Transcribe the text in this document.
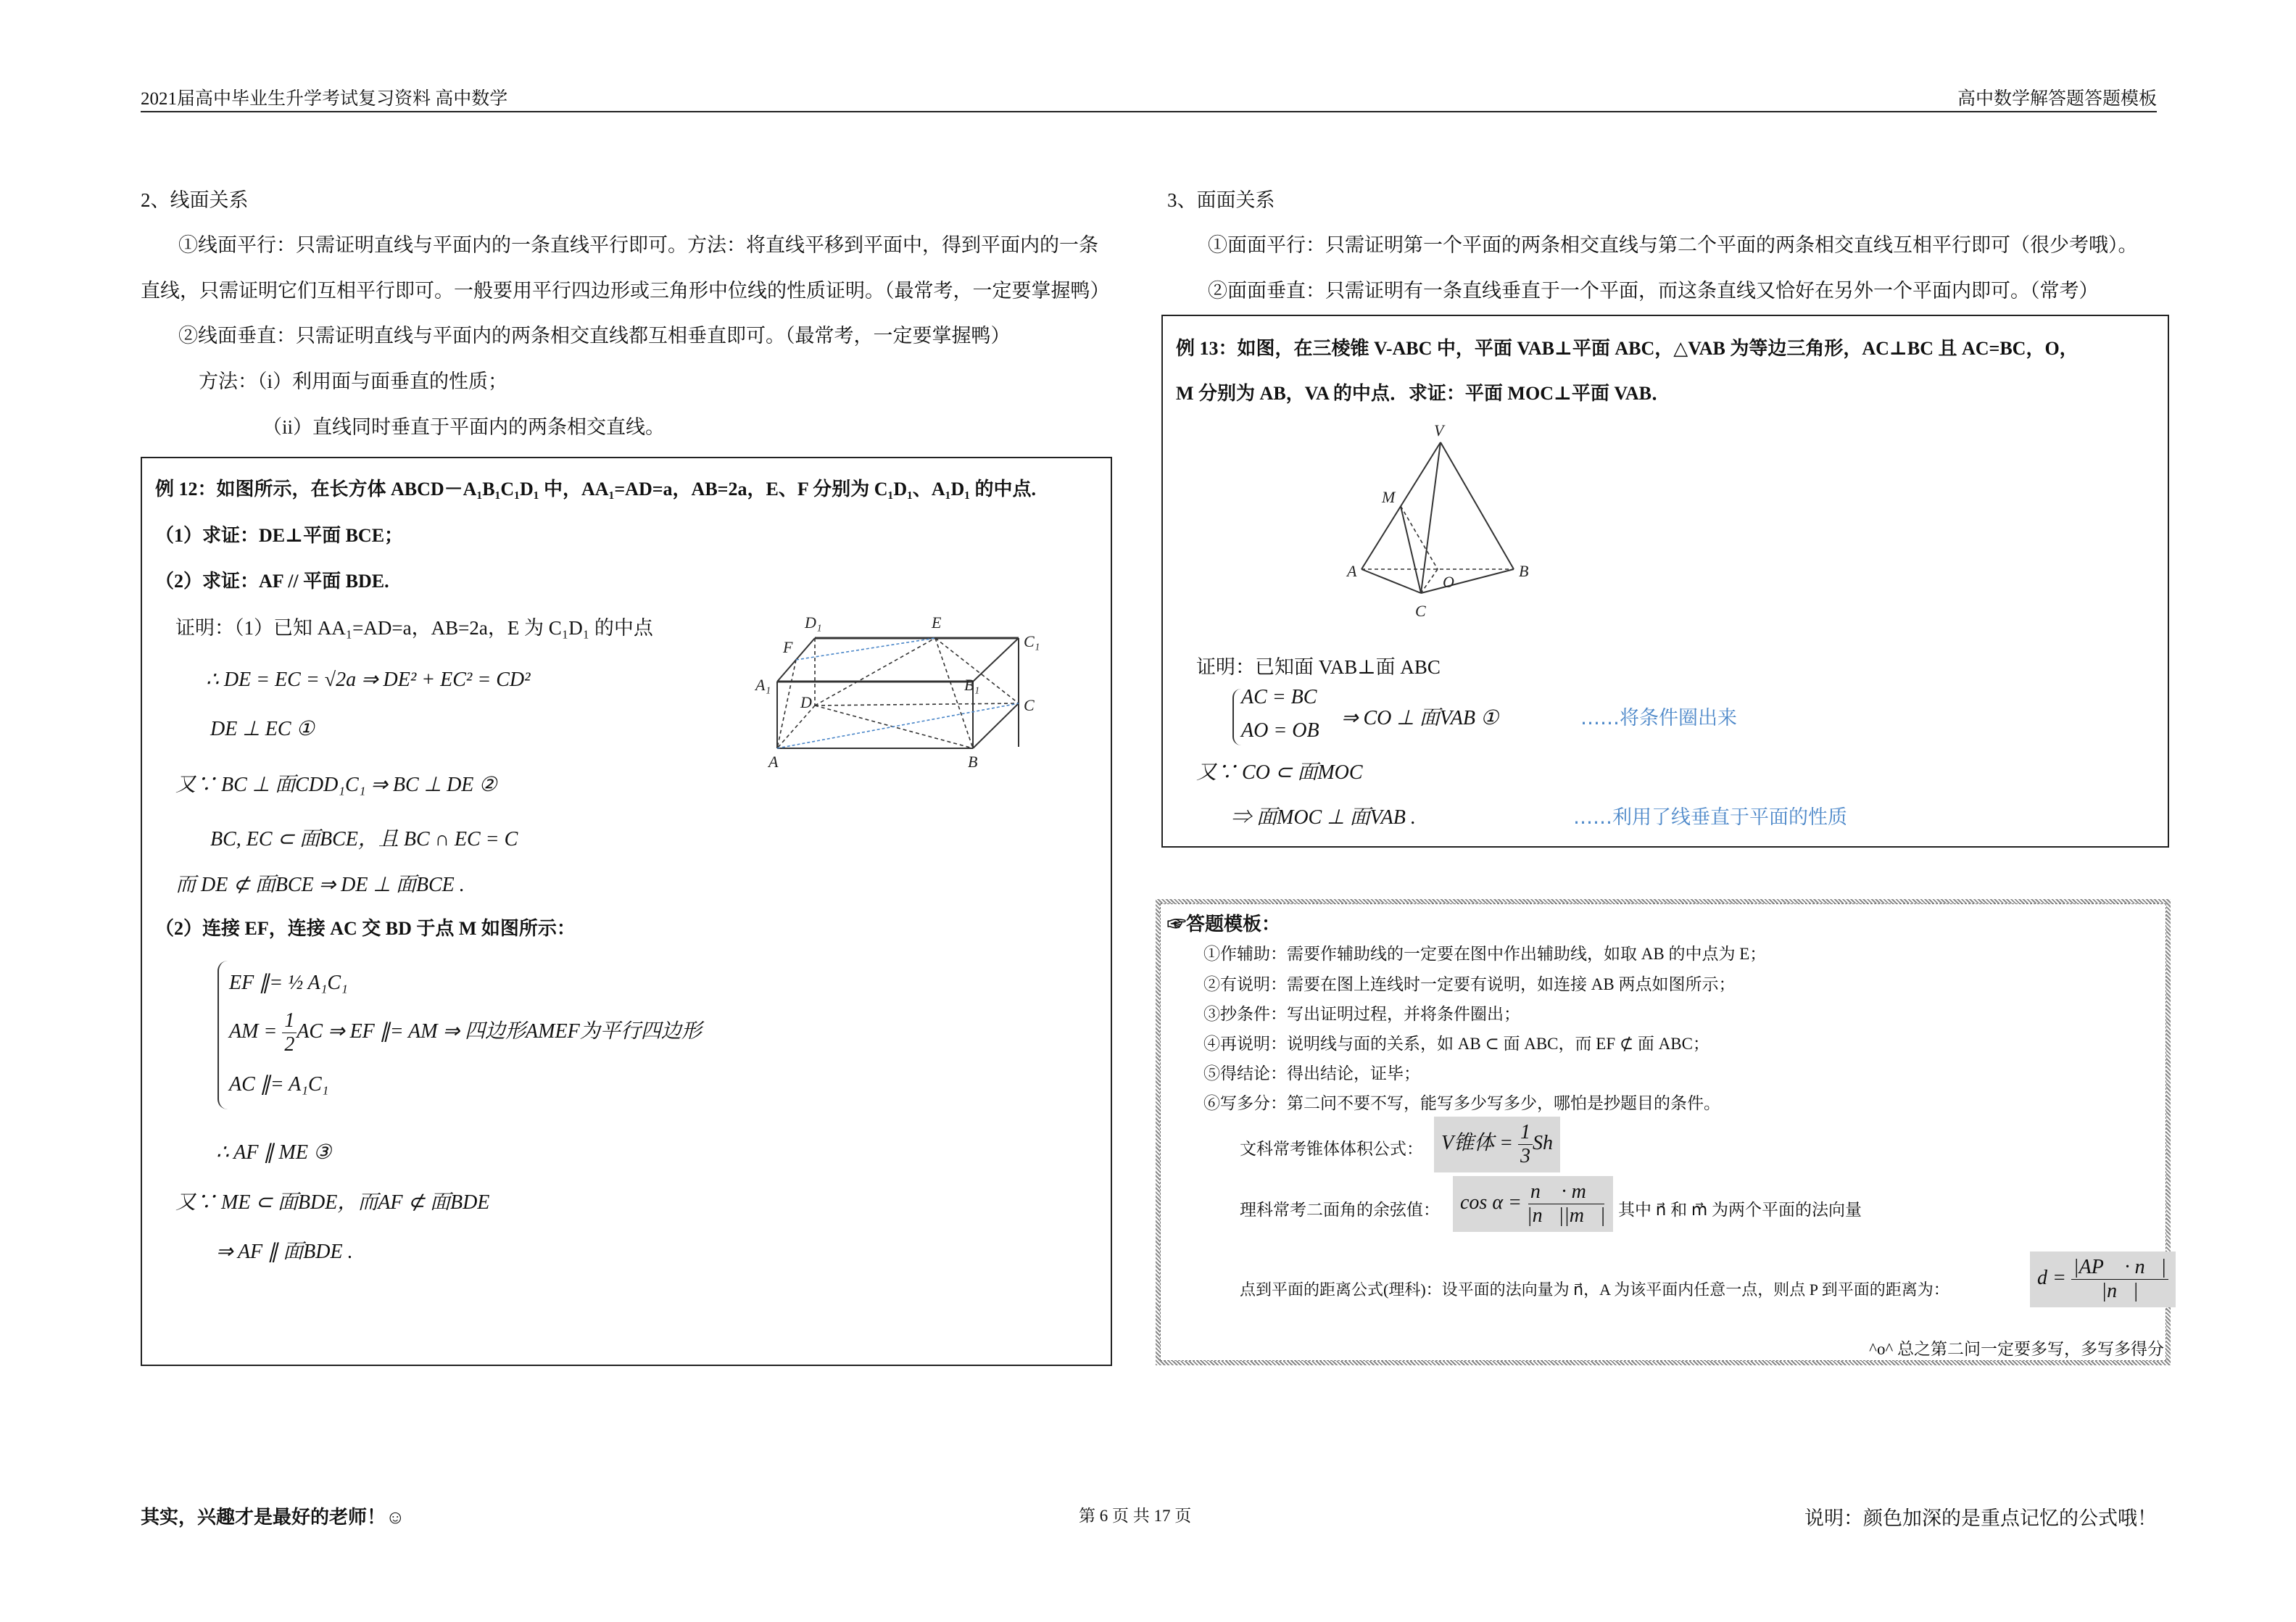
2021届高中毕业生升学考试复习资料 高中数学	高中数学解答题答题模板
2、线面关系
①线面平行：只需证明直线与平面内的一条直线平行即可。方法：将直线平移到平面中，得到平面内的一条
直线，只需证明它们互相平行即可。一般要用平行四边形或三角形中位线的性质证明。（最常考，一定要掌握鸭）
②线面垂直：只需证明直线与平面内的两条相交直线都互相垂直即可。（最常考，一定要掌握鸭）
方法：（i）利用面与面垂直的性质；
（ii）直线同时垂直于平面内的两条相交直线。
例 12：如图所示，在长方体 ABCD－A₁B₁C₁D₁ 中，AA₁=AD=a，AB=2a，E、F 分别为 C₁D₁、A₁D₁ 的中点.
（1）求证：DE⊥平面 BCE；
（2）求证：AF // 平面 BDE.
证明：（1）已知 AA₁=AD=a，AB=2a，E 为 C₁D₁ 的中点
∴ DE = EC = √2a ⇒ DE² + EC² = CD²
DE ⊥ EC ①
又∵ BC ⊥ 面CDD₁C₁ ⇒ BC ⊥ DE ②
BC, EC ⊂ 面BCE，且 BC ∩ EC = C
而 DE ⊄ 面BCE ⇒ DE ⊥ 面BCE .
（2）连接 EF，连接 AC 交 BD 于点 M 如图所示：
EF ∥= ½ A₁C₁
AM = $\frac{1}{2}$ AC ⇒ EF ∥= AM ⇒ 四边形AMEF为平行四边形
AC ∥= A₁C₁
∴ AF ∥ ME ③
又∵ ME ⊂ 面BDE，而AF ⊄ 面BDE
⇒ AF ∥ 面BDE .
D₁	E
F	C₁
A₁	B₁
D	C
A	B
3、面面关系
①面面平行：只需证明第一个平面的两条相交直线与第二个平面的两条相交直线互相平行即可（很少考哦）。
②面面垂直：只需证明有一条直线垂直于一个平面，而这条直线又恰好在另外一个平面内即可。（常考）
例 13：如图，在三棱锥 V-ABC 中，平面 VAB⊥平面 ABC，△VAB 为等边三角形，AC⊥BC 且 AC=BC，O，
M 分别为 AB，VA 的中点．求证：平面 MOC⊥平面 VAB．
V
M
A	B
O
C
证明：已知面 VAB⊥面 ABC
AC = BC
AO = OB
⇒ CO ⊥ 面VAB ①	……将条件圈出来
又∵ CO ⊂ 面MOC
⇒ 面MOC ⊥ 面VAB .	……利用了线垂直于平面的性质
☞答题模板：
①作辅助：需要作辅助线的一定要在图中作出辅助线，如取 AB 的中点为 E；
②有说明：需要在图上连线时一定要有说明，如连接 AB 两点如图所示；
③抄条件：写出证明过程，并将条件圈出；
④再说明：说明线与面的关系，如 AB ⊂ 面 ABC，而 EF ⊄ 面 ABC；
⑤得结论：得出结论，证毕；
⑥写多分：第二问不要不写，能写多少写多少，哪怕是抄题目的条件。
文科常考锥体体积公式： V锥体 = $\frac{1}{3}$ Sh
理科常考二面角的余弦值：	$\cos \alpha = \frac{n⃗ \cdot m⃗}{|n⃗||m⃗|}$ 其中 n⃗ 和 m⃗ 为两个平面的法向量
点到平面的距离公式(理科)：设平面的法向量为 n⃗，A 为该平面内任意一点，则点 P 到平面的距离为：
$d = \frac{|AP⃗ \cdot n⃗|}{|n⃗|}$
^o^ 总之第二问一定要多写，多写多得分
其实，兴趣才是最好的老师！☺	第 6 页 共 17 页	说明：颜色加深的是重点记忆的公式哦！
